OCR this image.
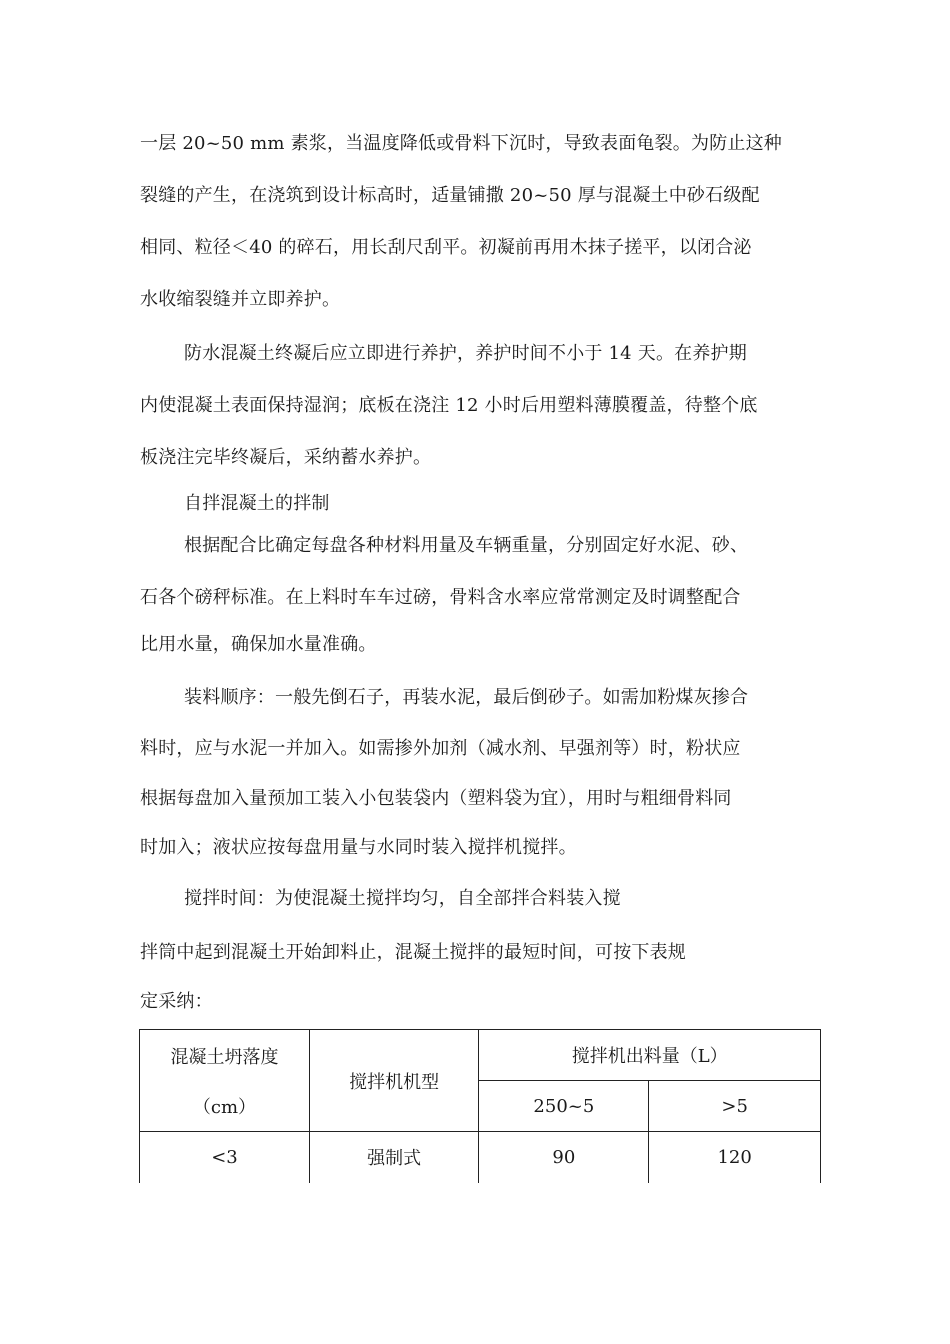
一层 20~50 mm 素浆，当温度降低或骨料下沉时，导致表面龟裂。为防止这种
裂缝的产生，在浇筑到设计标高时，适量铺撒 20~50 厚与混凝土中砂石级配
相同、粒径＜40 的碎石，用长刮尺刮平。初凝前再用木抹子搓平，以闭合泌
水收缩裂缝并立即养护。
防水混凝土终凝后应立即进行养护，养护时间不小于 14 天。在养护期
内使混凝土表面保持湿润；底板在浇注 12 小时后用塑料薄膜覆盖，待整个底
板浇注完毕终凝后，采纳蓄水养护。
自拌混凝土的拌制
根据配合比确定每盘各种材料用量及车辆重量，分别固定好水泥、砂、
石各个磅秤标准。在上料时车车过磅，骨料含水率应常常测定及时调整配合
比用水量，确保加水量准确。
装料顺序：一般先倒石子，再装水泥，最后倒砂子。如需加粉煤灰掺合
料时，应与水泥一并加入。如需掺外加剂（减水剂、早强剂等）时，粉状应
根据每盘加入量预加工装入小包装袋内（塑料袋为宜），用时与粗细骨料同
时加入；液状应按每盘用量与水同时装入搅拌机搅拌。
搅拌时间：为使混凝土搅拌均匀，自全部拌合料装入搅
拌筒中起到混凝土开始卸料止，混凝土搅拌的最短时间，可按下表规
定采纳：
混凝土坍落度
（cm）	搅拌机机型	搅拌机出料量（L）	
		250~5	>5
<3	强制式	90	120
